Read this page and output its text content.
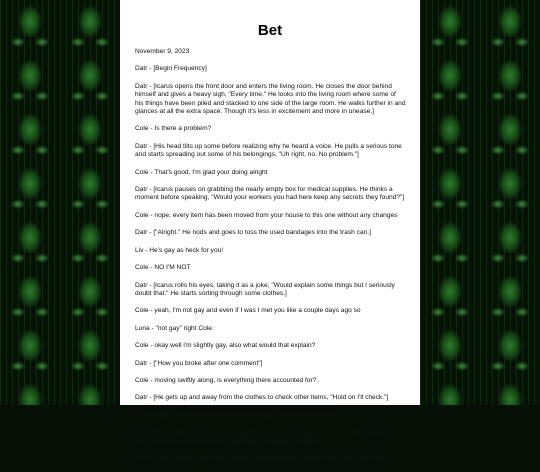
Bet

November 9, 2023

Datr - [Begin Frequency]

Datr - [Icarus opens the front door and enters the living room. He closes the door behind himself and gives a heavy sigh, "Every time." He looks into the living room where some of his things have been piled and stacked to one side of the large room. He walks further in and glances at all the extra space. Though it's less in excitement and more in unease.]

Cole - Is there a problem?

Datr - [His head tilts up some before realizing why he heard a voice. He pulls a serious tone and starts spreading out some of his belongings, "Uh right, no. No problem."]

Cole - That's good, I'm glad your doing alright

Datr - [Icarus pauses on grabbing the nearly empty box for medical supplies. He thinks a moment before speaking, "Would your workers you had here keep any secrets they found?"]

Cole - nope, every item has been moved from your house to this one without any changes

Datr - ["Alright." He nods and goes to toss the used bandages into the trash can.]

Liv - He's gay as heck for you!

Cole - NO I'M NOT

Datr - [Icarus rolls his eyes, taking it as a joke, "Would explain some things but I seriously doubt that." He starts sorting through some clothes.]

Cole - yeah, I'm not gay and even if I was I met you like a couple days ago so

Luna - "not gay" right Cole.

Cole - okay well i'm slightly gay, also what would that explain?

Datr - ["How you broke after one comment"]

Cole - moving swiftly along, is everything there accounted for?

Datr - [He gets up and away from the clothes to check other items, "Hold on I'll check."]

Cole - alright, I just wanna make sure nothing got misplaced or stolen

Datr - [Icarus digs past some items and finds his wallet sitting open on the floor nearby, "huh." He leans over and picks it up while checking its contents.]

Cole - quick question, what was with the used bandages? that is if you don't mind me
